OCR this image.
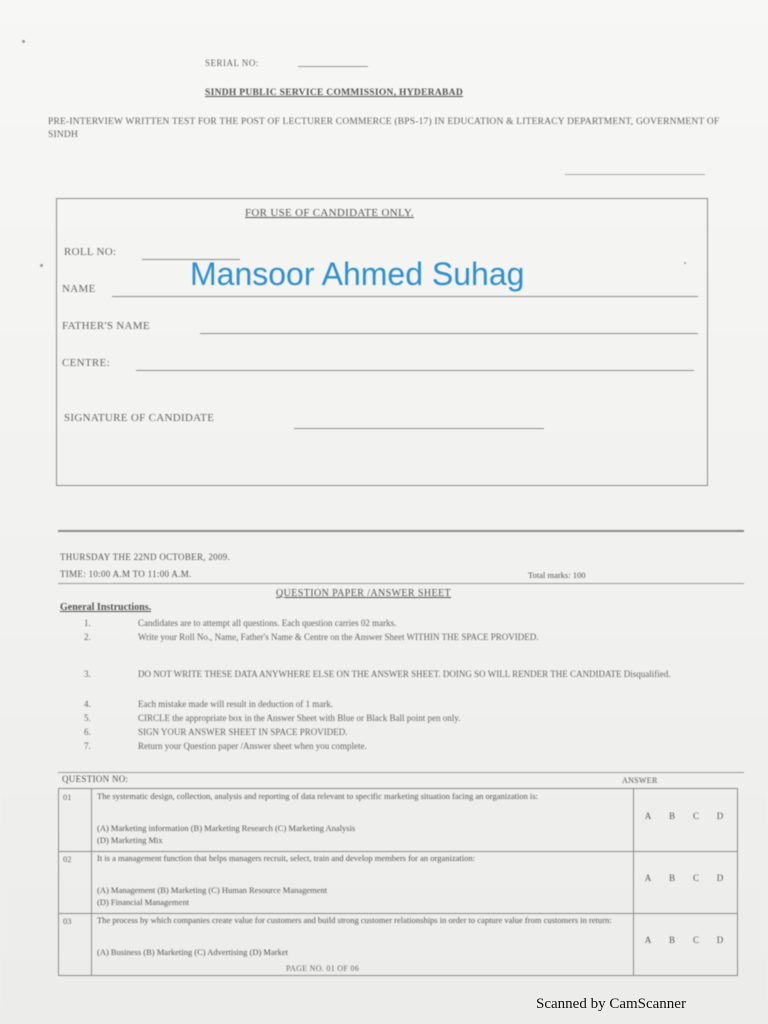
SERIAL NO:
SINDH PUBLIC SERVICE COMMISSION, HYDERABAD
PRE-INTERVIEW WRITTEN TEST FOR THE POST OF LECTURER COMMERCE (BPS-17) IN EDUCATION & LITERACY DEPARTMENT, GOVERNMENT OF SINDH
FOR USE OF CANDIDATE ONLY.
ROLL NO:
NAME	Mansoor Ahmed Suhag
FATHER'S NAME
CENTRE:
SIGNATURE OF CANDIDATE
THURSDAY THE 22ND OCTOBER, 2009.
TIME: 10:00 A.M TO 11:00 A.M.	Total marks: 100
QUESTION PAPER /ANSWER SHEET
General Instructions.
1.	Candidates are to attempt all questions. Each question carries 02 marks.
2.	Write your Roll No., Name, Father's Name & Centre on the Answer Sheet WITHIN THE SPACE PROVIDED.
3.	DO NOT WRITE THESE DATA ANYWHERE ELSE ON THE ANSWER SHEET. DOING SO WILL RENDER THE CANDIDATE Disqualified.
4.	Each mistake made will result in deduction of 1 mark.
5.	CIRCLE the appropriate box in the Answer Sheet with Blue or Black Ball point pen only.
6.	SIGN YOUR ANSWER SHEET IN SPACE PROVIDED.
7.	Return your Question paper /Answer sheet when you complete.
QUESTION NO:	ANSWER
01	The systematic design, collection, analysis and reporting of data relevant to specific marketing situation facing an organization is:
(A) Marketing information (B) Marketing Research (C) Marketing Analysis
(D) Marketing Mix
A	B	C	D
02	It is a management function that helps managers recruit, select, train and develop members for an organization:
(A) Management (B) Marketing (C) Human Resource Management
(D) Financial Management
A	B	C	D
03	The process by which companies create value for customers and build strong customer relationships in order to capture value from customers in return:
(A) Business (B) Marketing (C) Advertising (D) Market
A	B	C	D
PAGE NO. 01 OF 06
Scanned by CamScanner
